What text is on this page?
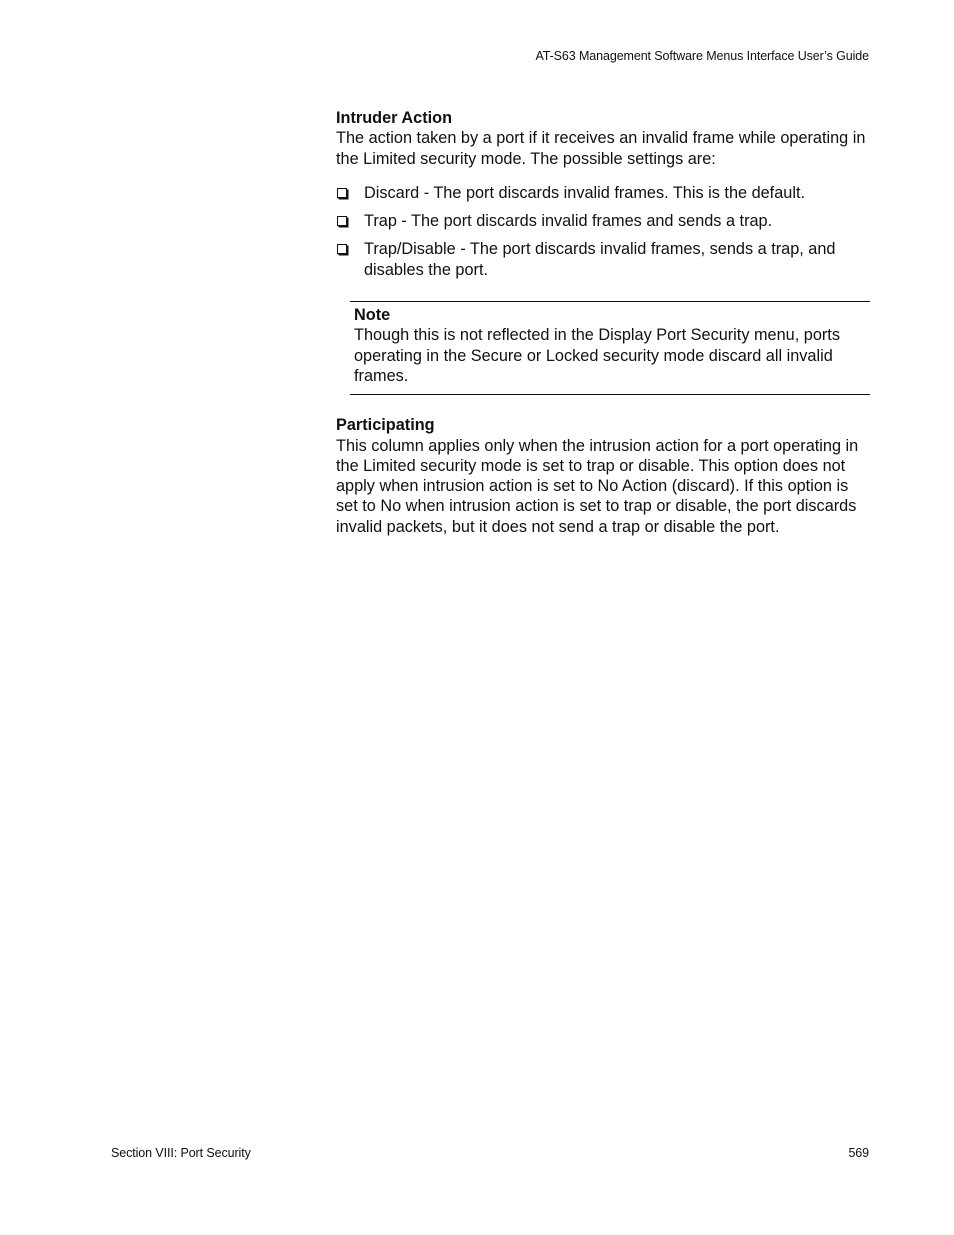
AT-S63 Management Software Menus Interface User’s Guide

Intruder Action

The action taken by a port if it receives an invalid frame while operating in the Limited security mode. The possible settings are:

Discard - The port discards invalid frames. This is the default.
Trap - The port discards invalid frames and sends a trap.
Trap/Disable - The port discards invalid frames, sends a trap, and disables the port.

Note

Though this is not reflected in the Display Port Security menu, ports operating in the Secure or Locked security mode discard all invalid frames.

Participating

This column applies only when the intrusion action for a port operating in the Limited security mode is set to trap or disable. This option does not apply when intrusion action is set to No Action (discard). If this option is set to No when intrusion action is set to trap or disable, the port discards invalid packets, but it does not send a trap or disable the port.

Section VIII: Port Security	569
